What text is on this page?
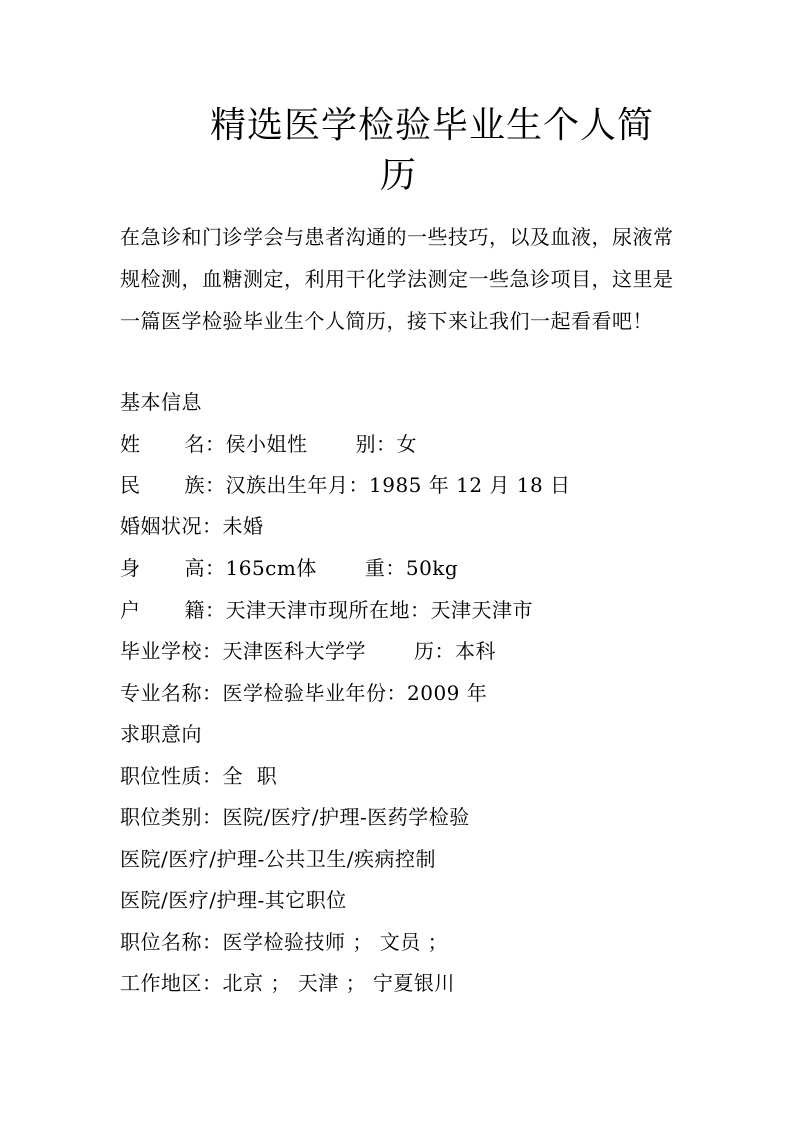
精选医学检验毕业生个人简
历

在急诊和门诊学会与患者沟通的一些技巧，以及血液，尿液常规检测，血糖测定，利用干化学法测定一些急诊项目，这里是一篇医学检验毕业生个人简历，接下来让我们一起看看吧！

基本信息
姓 名：侯小姐性 别：女
民 族：汉族出生年月：1985 年 12 月 18 日
婚姻状况：未婚
身 高：165cm体 重：50kg
户 籍：天津天津市现所在地：天津天津市
毕业学校：天津医科大学学 历：本科
专业名称：医学检验毕业年份：2009 年
求职意向
职位性质：全  职
职位类别：医院/医疗/护理-医药学检验
医院/医疗/护理-公共卫生/疾病控制
医院/医疗/护理-其它职位
职位名称：医学检验技师 ； 文员 ；
工作地区：北京 ； 天津 ； 宁夏银川
